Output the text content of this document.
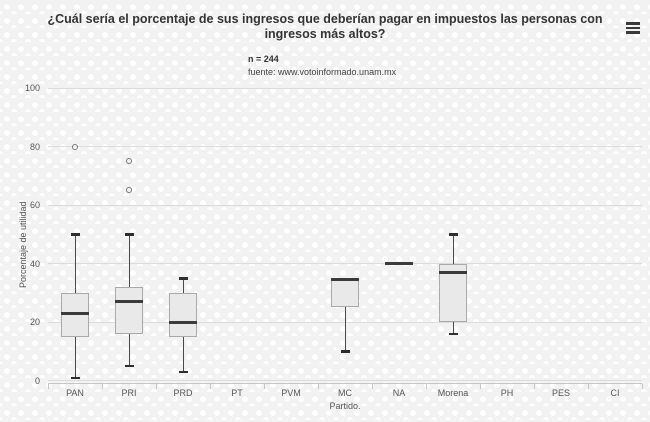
¿Cuál sería el porcentaje de sus ingresos que deberían pagar en impuestos las personas con ingresos más altos?
n = 244
fuente: www.votoinformado.unam.mx
Porcentaje de utilidad
Partido.
0
20
40
60
80
100
PAN	PRI	PRD	PT	PVM	MC	NA	Morena	PH	PES	CI
